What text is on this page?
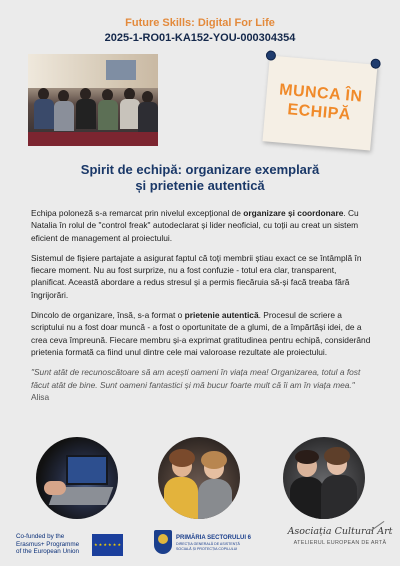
Future Skills: Digital For Life
2025-1-RO01-KA152-YOU-000304354
MUNCA ÎN
ECHIPĂ
Spirit de echipă: organizare exemplară
și prietenie autentică

Echipa poloneză s-a remarcat prin nivelul excepțional de organizare și coordonare. Cu Natalia în rolul de "control freak" autodeclarat și lider neoficial, cu toții au creat un sistem eficient de management al proiectului.

Sistemul de fișiere partajate a asigurat faptul că toți membrii știau exact ce se întâmplă în fiecare moment. Nu au fost surprize, nu a fost confuzie - totul era clar, transparent, planificat. Această abordare a redus stresul și a permis fiecăruia să-și facă treaba fără îngrijorări.

Dincolo de organizare, însă, s-a format o prietenie autentică. Procesul de scriere a scriptului nu a fost doar muncă - a fost o oportunitate de a glumi, de a împărtăși idei, de a crea ceva împreună. Fiecare membru și-a exprimat gratitudinea pentru echipă, considerând prietenia formată ca fiind unul dintre cele mai valoroase rezultate ale proiectului.

"Sunt atât de recunoscătoare să am acești oameni în viața mea! Organizarea, totul a fost făcut atât de bine. Sunt oameni fantastici și mă bucur foarte mult că îi am în viața mea." Alisa

Co-funded by the
Erasmus+ Programme
of the European Union
★ ★ ★ ★ ★ ★
PRIMĂRIA SECTORULUI 6
DIRECȚIA GENERALĂ DE ASISTENȚĂ
SOCIALĂ ȘI PROTECȚIA COPILULUI
Asociația Cultural Art
ATELIERUL EUROPEAN DE ARTĂ
